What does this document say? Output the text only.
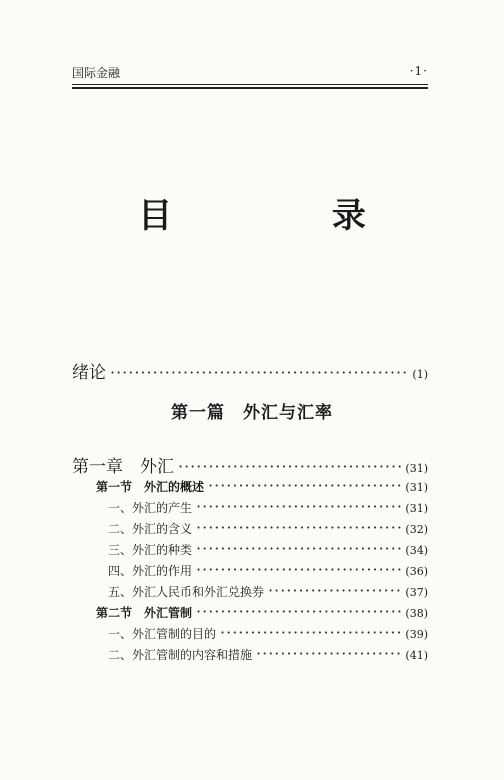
国际金融	·1·
目 录
绪论 ·····	(1)
第一篇　外汇与汇率
第一章　外汇 ·····	(31)
第一节　外汇的概述 ·····	(31)
一、外汇的产生 ·····	(31)
二、外汇的含义 ·····	(32)
三、外汇的种类 ·····	(34)
四、外汇的作用 ·····	(36)
五、外汇人民币和外汇兑换券 ·····	(37)
第二节　外汇管制 ·····	(38)
一、外汇管制的目的 ·····	(39)
二、外汇管制的内容和措施 ·····	(41)
